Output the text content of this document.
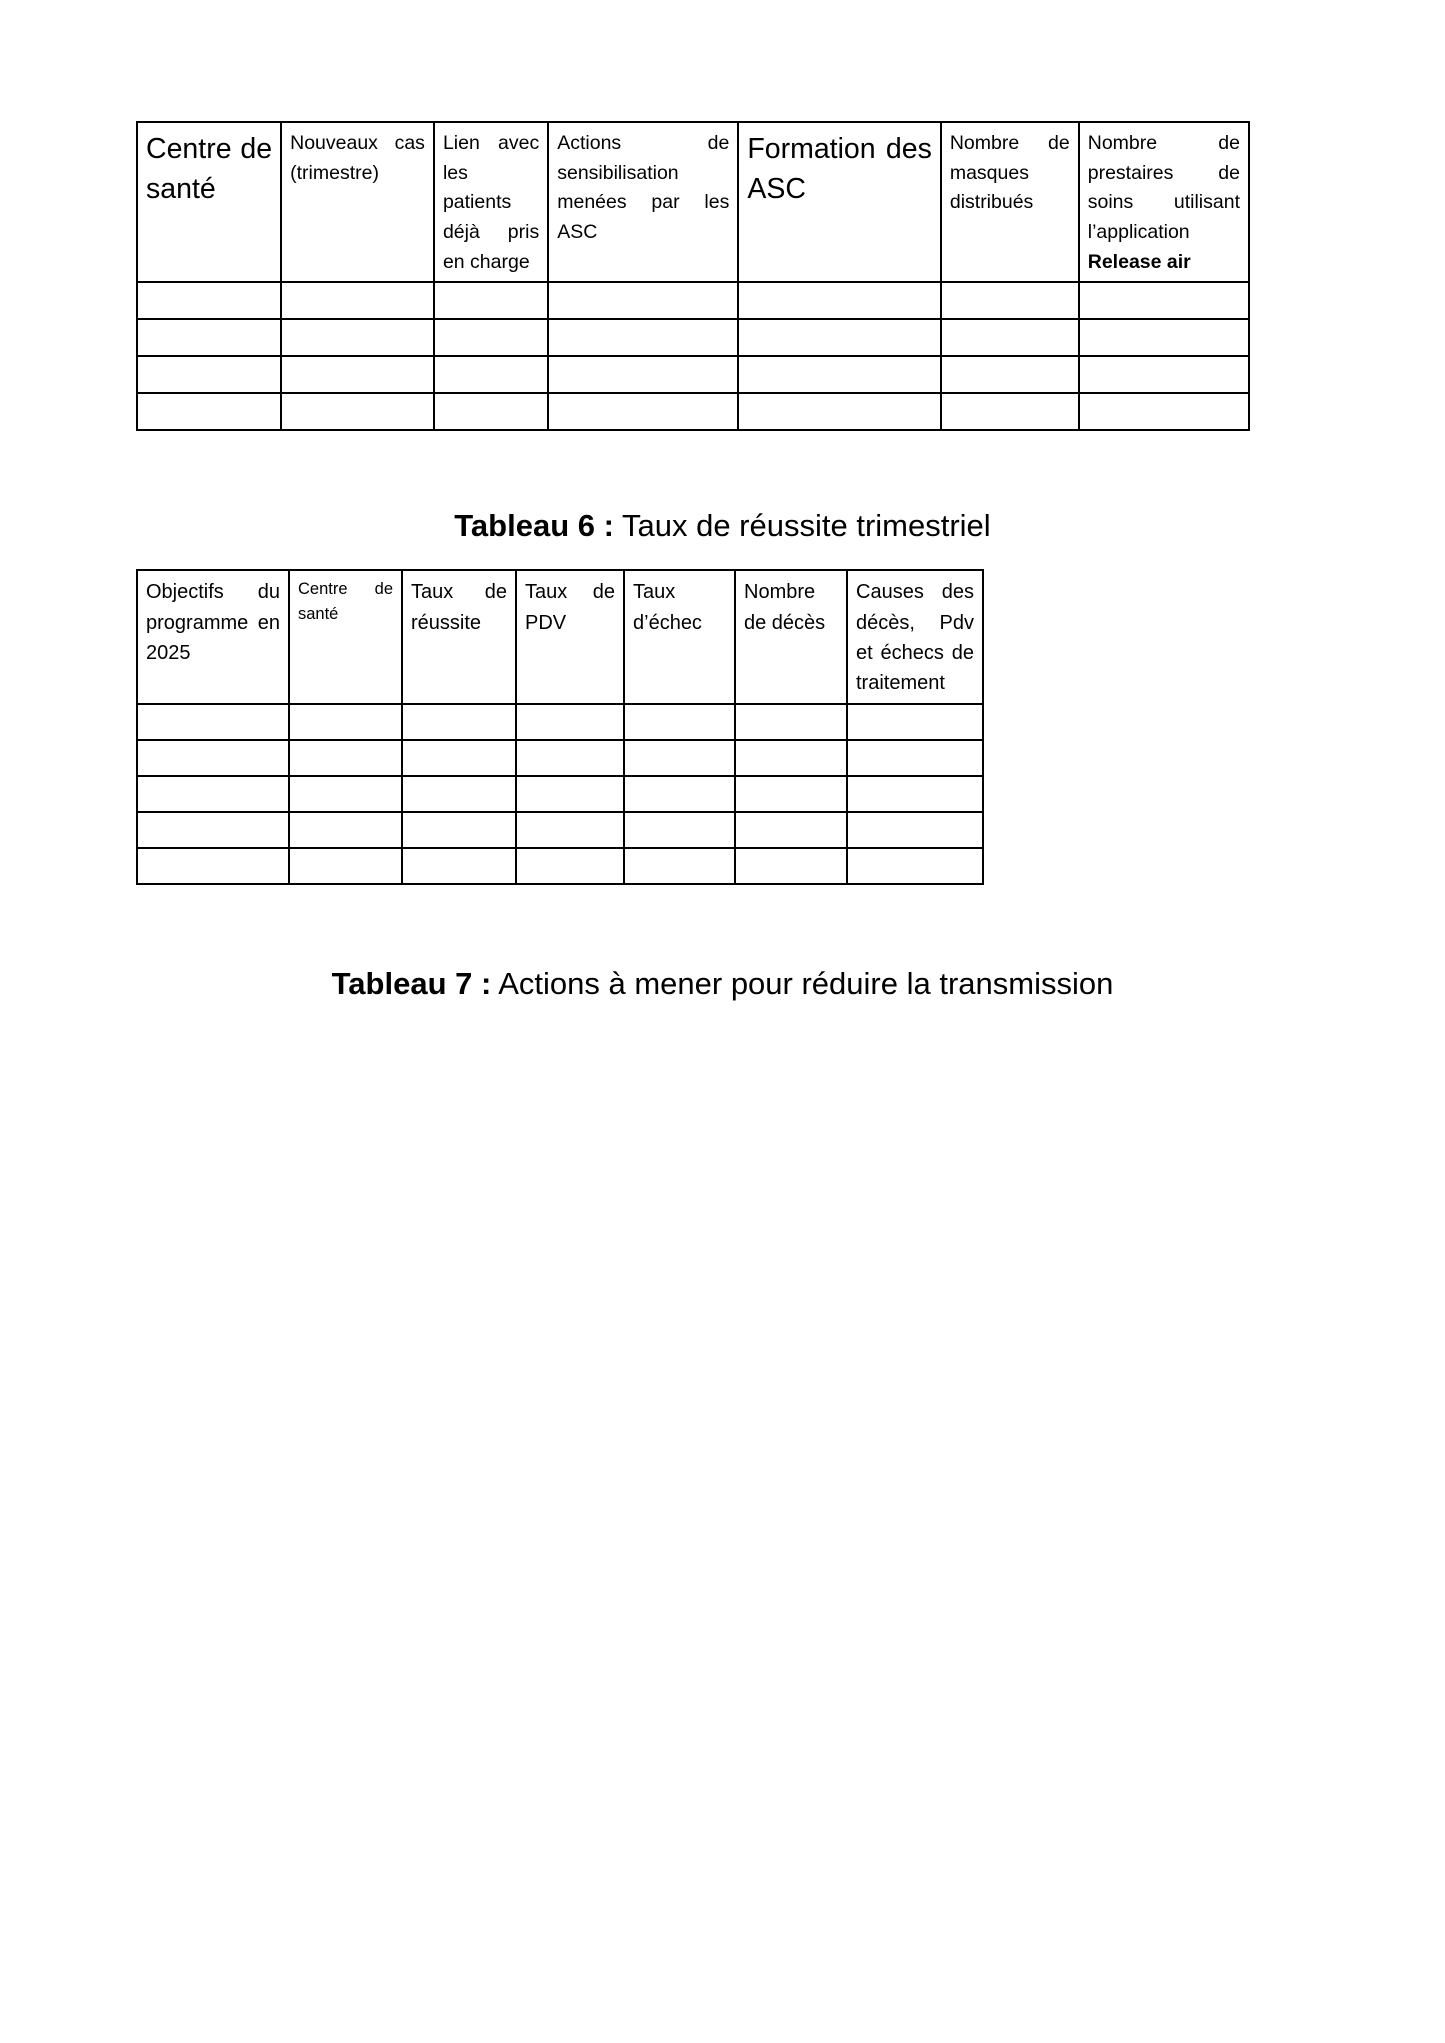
Centre de santé	Nouveaux cas (trimestre)	Lien avec les patients déjà pris en charge	Actions de sensibilisation menées par les ASC	Formation des ASC	Nombre de masques distribués	Nombre de prestaires de soins utilisant l’application Release air

Tableau 6 : Taux de réussite trimestriel
Objectifs du programme en 2025	Centre de santé	Taux de réussite	Taux de PDV	Taux d’échec	Nombre de décès	Causes des décès, Pdv et échecs de traitement

Tableau 7 : Actions à mener pour réduire la transmission
